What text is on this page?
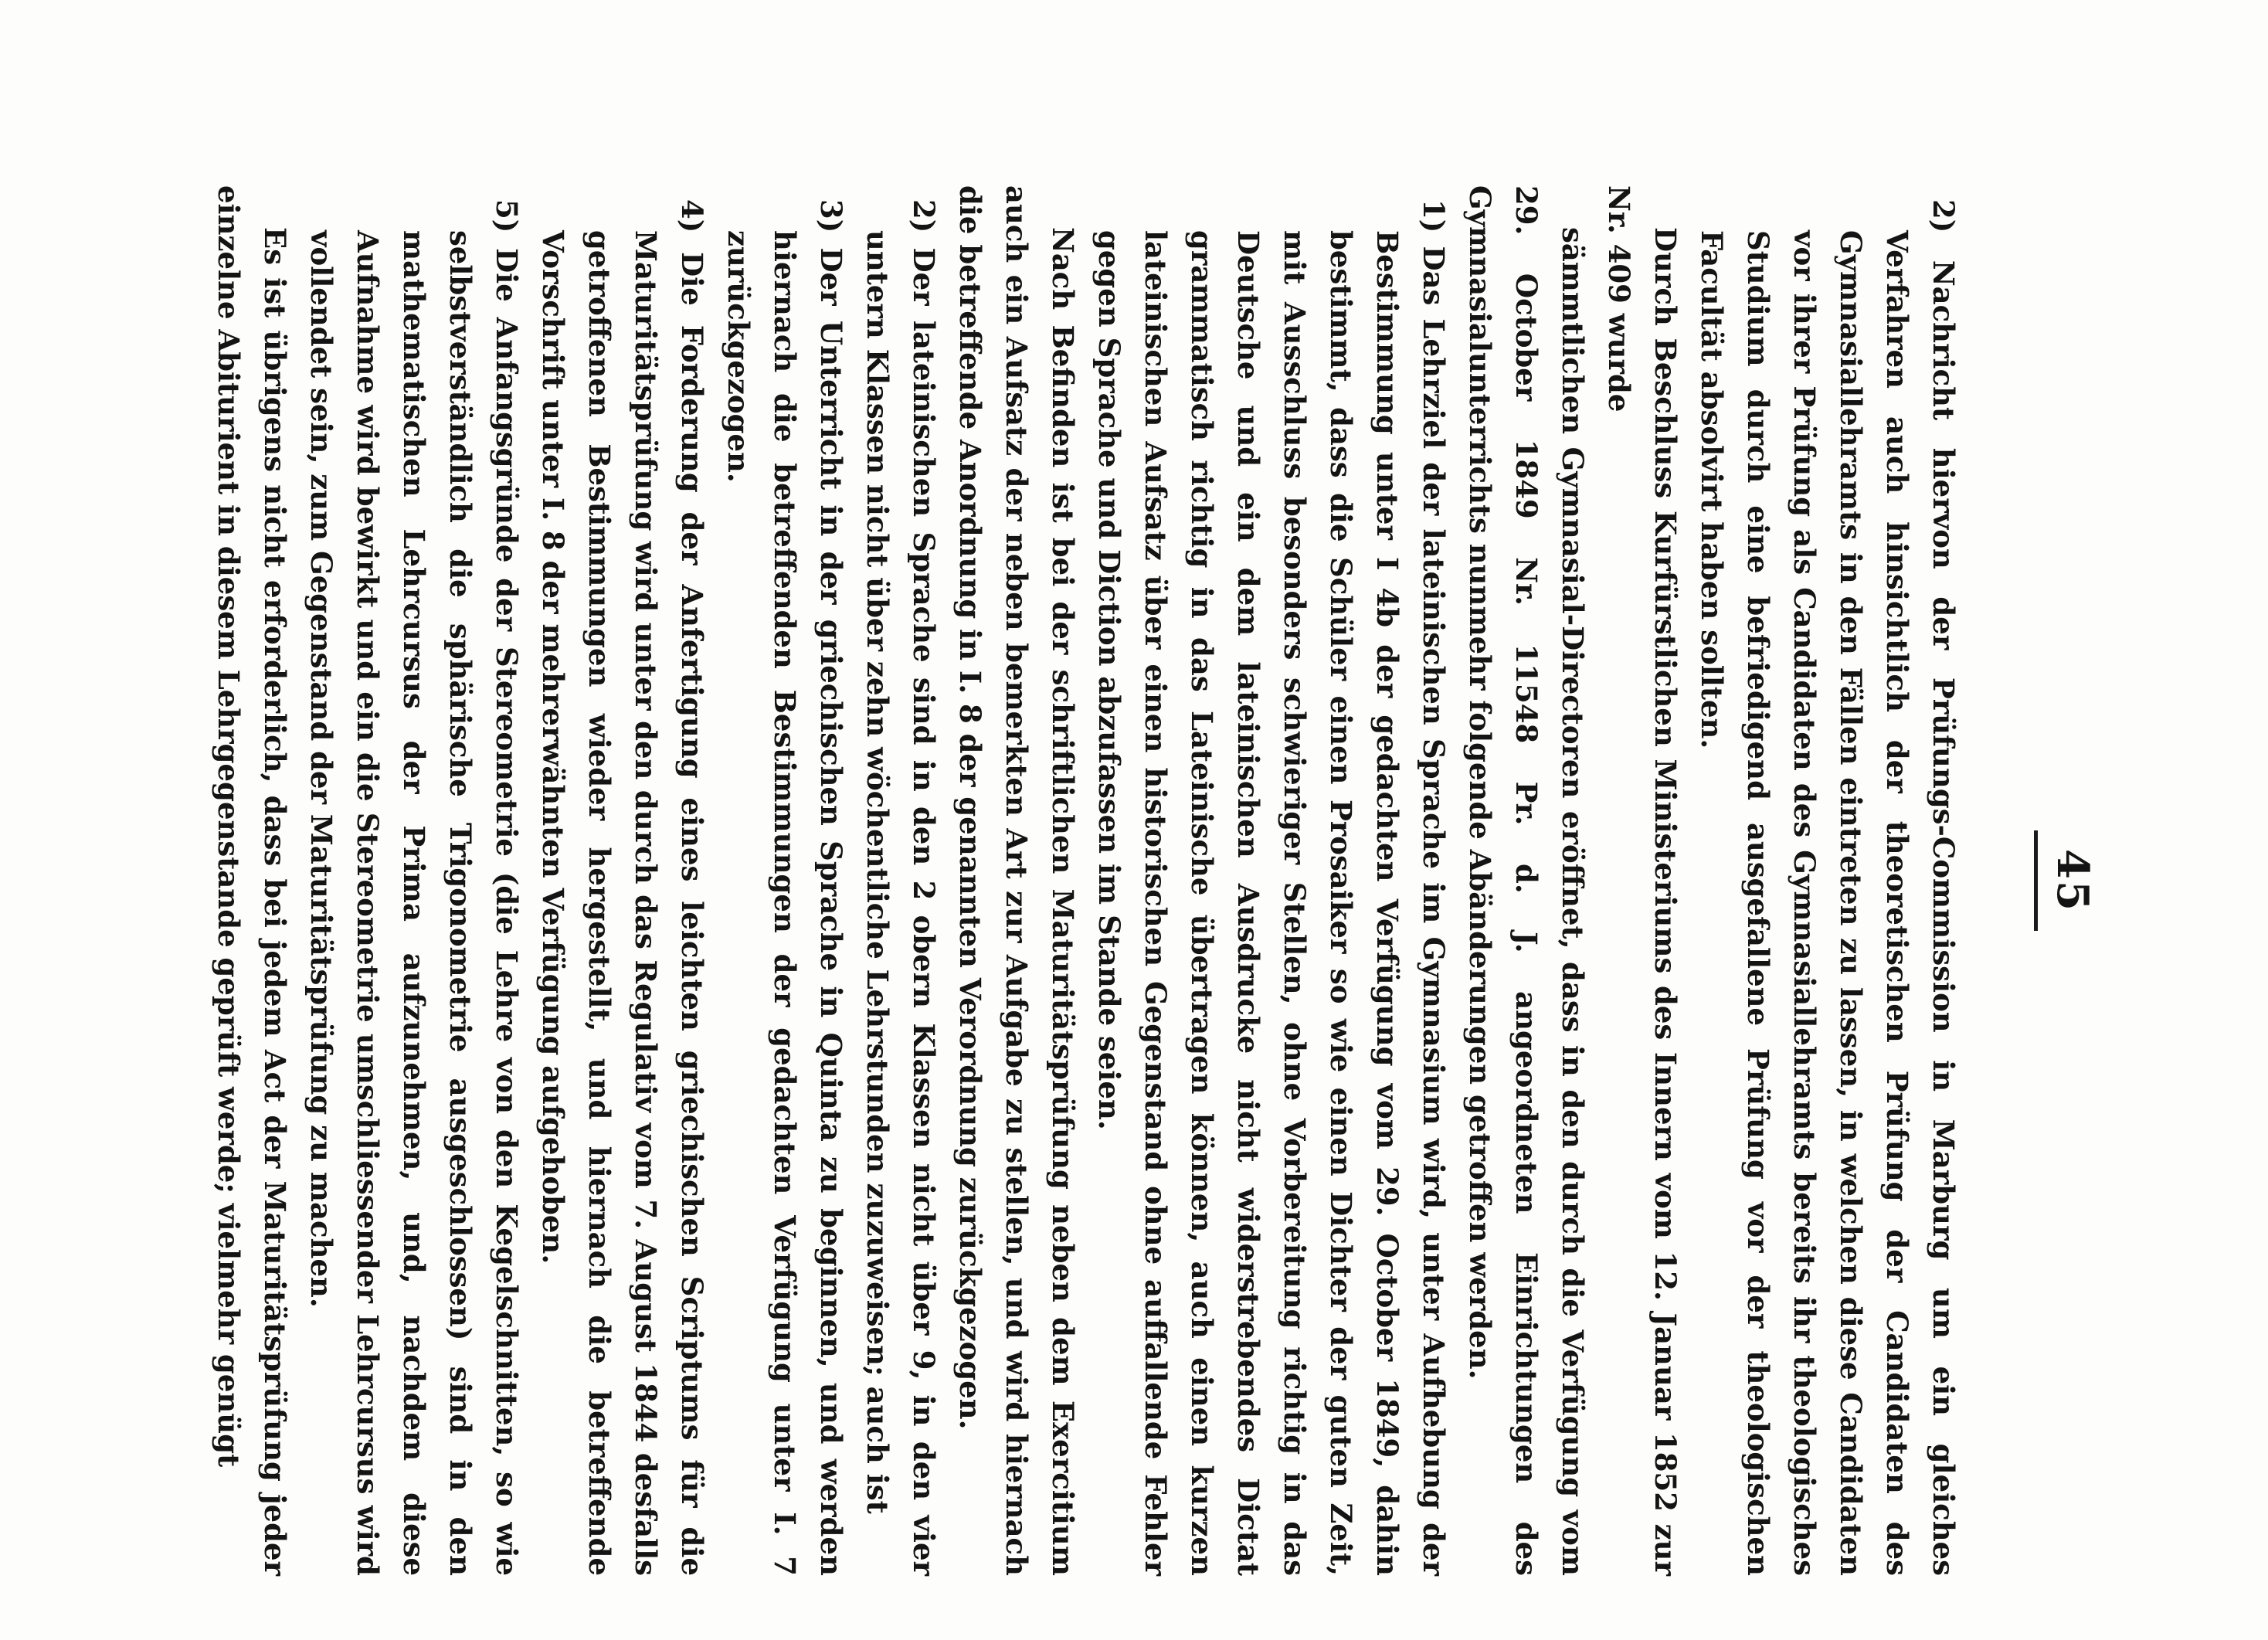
45

2) Nachricht hiervon der Prüfungs-Commission in Marburg um ein gleiches Verfahren auch hinsichtlich der theoretischen Prüfung der Candidaten des Gymnasiallehramts in den Fällen eintreten zu lassen, in welchen diese Candidaten vor ihrer Prüfung als Candidaten des Gymnasiallehramts bereits ihr theologisches Studium durch eine befriedigend ausgefallene Prüfung vor der theologischen Facultät absolvirt haben sollten.

Durch Beschluss Kurfürstlichen Ministeriums des Innern vom 12. Januar 1852 zur Nr. 409 wurde

sämmtlichen Gymnasial-Directoren eröffnet, dass in den durch die Verfügung vom 29. October 1849 Nr. 11548 Pr. d. J. angeordneten Einrichtungen des Gymnasialunterrichts nunmehr folgende Abänderungen getroffen werden.

1) Das Lehrziel der lateinischen Sprache im Gymnasium wird, unter Aufhebung der Bestimmung unter I 4b der gedachten Verfügung vom 29. October 1849, dahin bestimmt, dass die Schüler einen Prosaiker so wie einen Dichter der guten Zeit, mit Ausschluss besonders schwieriger Stellen, ohne Vorbereitung richtig in das Deutsche und ein dem lateinischen Ausdrucke nicht widerstrebendes Dictat grammatisch richtig in das Lateinische übertragen können, auch einen kurzen lateinischen Aufsatz über einen historischen Gegenstand ohne auffallende Fehler gegen Sprache und Diction abzufassen im Stande seien.

Nach Befinden ist bei der schriftlichen Maturitätsprüfung neben dem Exercitium auch ein Aufsatz der neben bemerkten Art zur Aufgabe zu stellen, und wird hiernach die betreffende Anordnung in I. 8 der genannten Verordnung zurückgezogen.

2) Der lateinischen Sprache sind in den 2 obern Klassen nicht über 9, in den vier untern Klassen nicht über zehn wöchentliche Lehrstunden zuzuweisen; auch ist

3) Der Unterricht in der griechischen Sprache in Quinta zu beginnen, und werden hiernach die betreffenden Bestimmungen der gedachten Verfügung unter I. 7 zurückgezogen.

4) Die Forderung der Anfertigung eines leichten griechischen Scriptums für die Maturitätsprüfung wird unter den durch das Regulativ vom 7. August 1844 desfalls getroffenen Bestimmungen wieder hergestellt, und hiernach die betreffende Vorschrift unter I. 8 der mehrerwähnten Verfügung aufgehoben.

5) Die Anfangsgründe der Stereometrie (die Lehre von den Kegelschnitten, so wie selbstverständlich die sphärische Trigonometrie ausgeschlossen) sind in den mathematischen Lehrcursus der Prima aufzunehmen, und, nachdem diese Aufnahme wird bewirkt und ein die Stereometrie umschliessender Lehrcursus wird vollendet sein, zum Gegenstand der Maturitätsprüfung zu machen.

Es ist übrigens nicht erforderlich, dass bei jedem Act der Maturitätsprüfung jeder einzelne Abiturient in diesem Lehrgegenstande geprüft werde; vielmehr genügt
